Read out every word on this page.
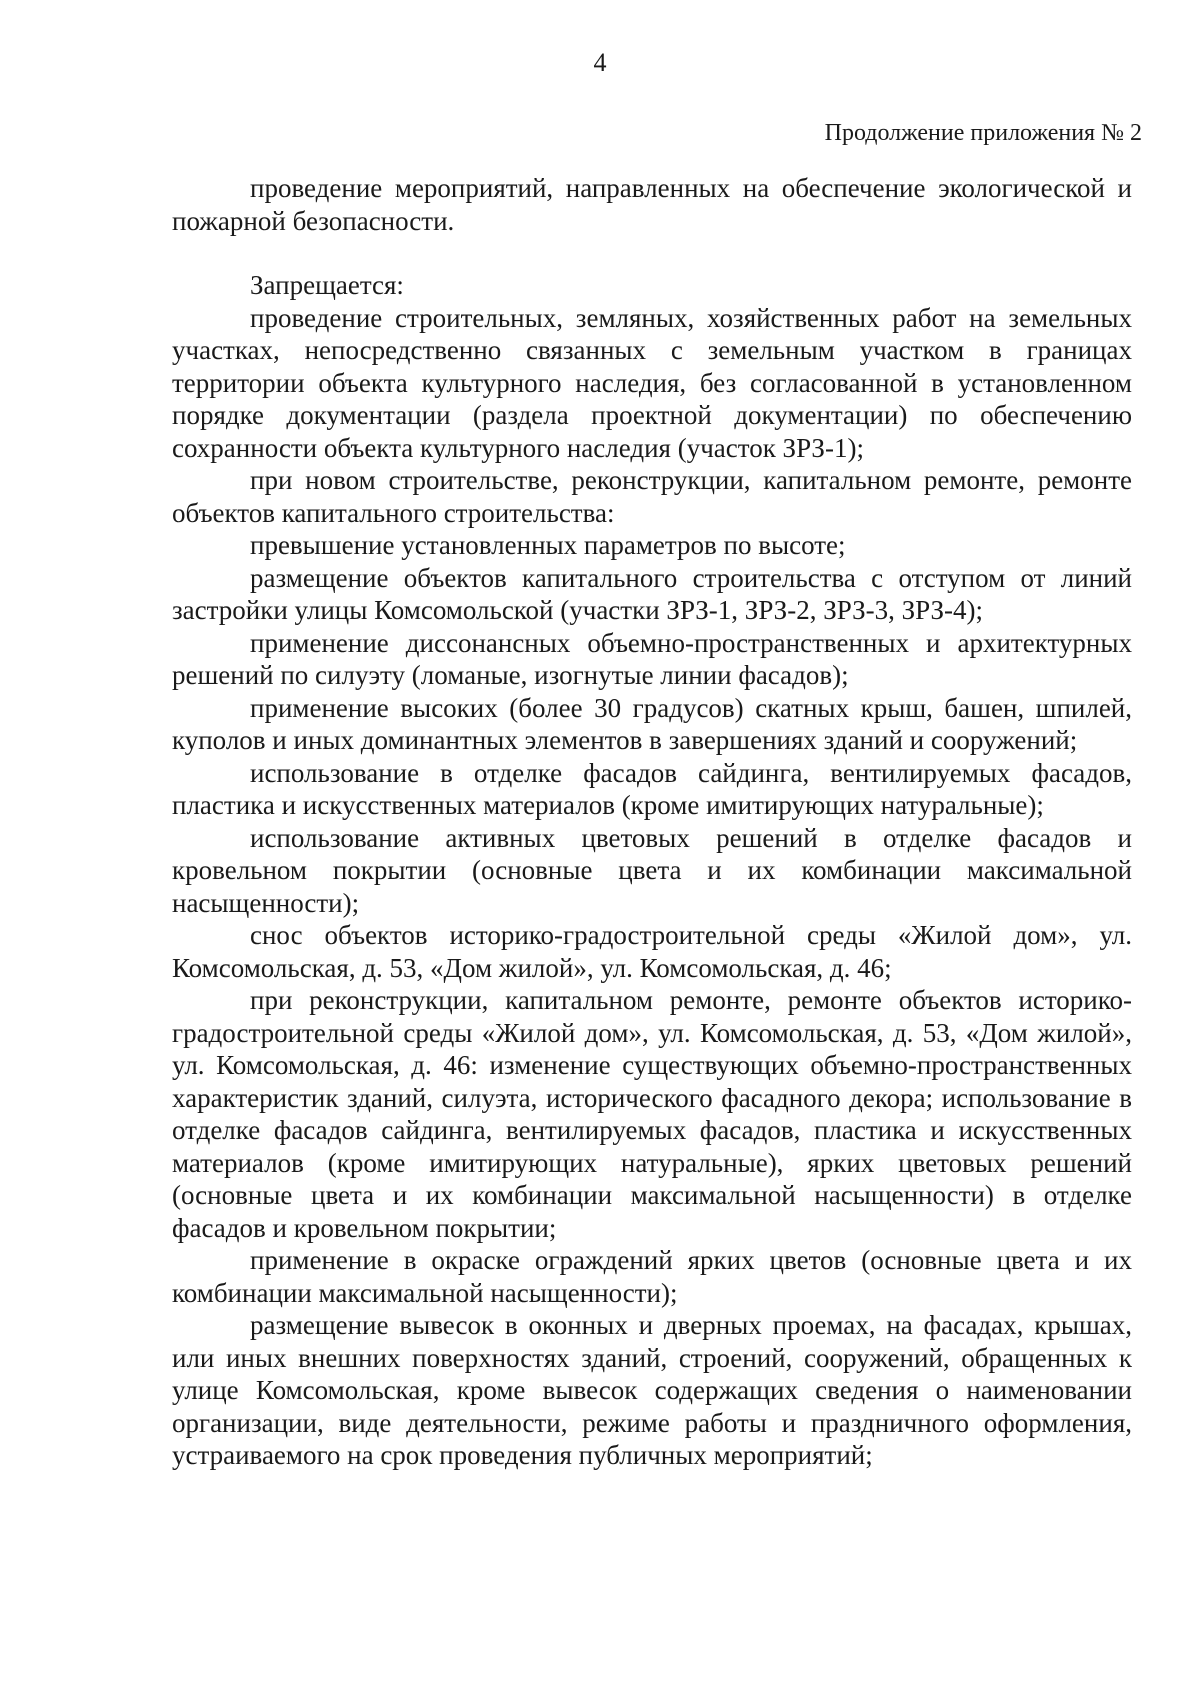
4
Продолжение приложения № 2

проведение мероприятий, направленных на обеспечение экологической и пожарной безопасности.

Запрещается:

проведение строительных, земляных, хозяйственных работ на земельных участках, непосредственно связанных с земельным участком в границах территории объекта культурного наследия, без согласованной в установленном порядке документации (раздела проектной документации) по обеспечению сохранности объекта культурного наследия (участок ЗРЗ-1);

при новом строительстве, реконструкции, капитальном ремонте, ремонте объектов капитального строительства:

превышение установленных параметров по высоте;

размещение объектов капитального строительства с отступом от линий застройки улицы Комсомольской (участки ЗРЗ-1, ЗРЗ-2, ЗРЗ-3, ЗРЗ-4);

применение диссонансных объемно-пространственных и архитектурных решений по силуэту (ломаные, изогнутые линии фасадов);

применение высоких (более 30 градусов) скатных крыш, башен, шпилей, куполов и иных доминантных элементов в завершениях зданий и сооружений;

использование в отделке фасадов сайдинга, вентилируемых фасадов, пластика и искусственных материалов (кроме имитирующих натуральные);

использование активных цветовых решений в отделке фасадов и кровельном покрытии (основные цвета и их комбинации максимальной насыщенности);

снос объектов историко-градостроительной среды «Жилой дом», ул. Комсомольская, д. 53, «Дом жилой», ул. Комсомольская, д. 46;

при реконструкции, капитальном ремонте, ремонте объектов историко-градостроительной среды «Жилой дом», ул. Комсомольская, д. 53, «Дом жилой», ул. Комсомольская, д. 46: изменение существующих объемно-пространственных характеристик зданий, силуэта, исторического фасадного декора; использование в отделке фасадов сайдинга, вентилируемых фасадов, пластика и искусственных материалов (кроме имитирующих натуральные), ярких цветовых решений (основные цвета и их комбинации максимальной насыщенности) в отделке фасадов и кровельном покрытии;

применение в окраске ограждений ярких цветов (основные цвета и их комбинации максимальной насыщенности);

размещение вывесок в оконных и дверных проемах, на фасадах, крышах, или иных внешних поверхностях зданий, строений, сооружений, обращенных к улице Комсомольская, кроме вывесок содержащих сведения о наименовании организации, виде деятельности, режиме работы и праздничного оформления, устраиваемого на срок проведения публичных мероприятий;
